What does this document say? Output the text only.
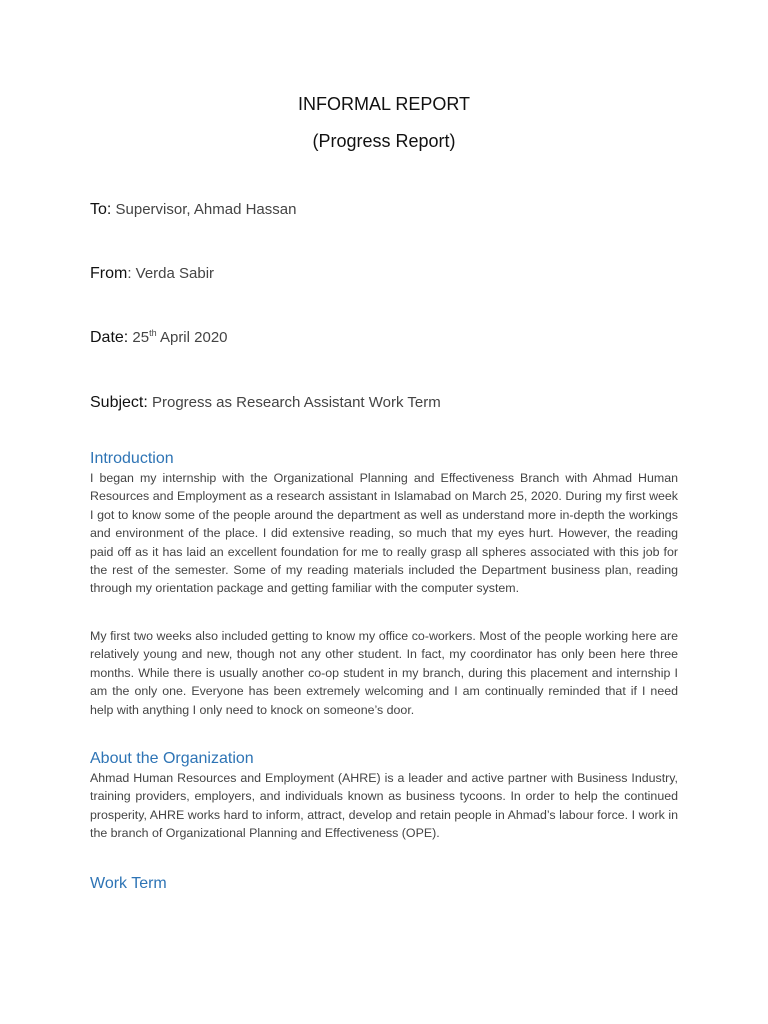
INFORMAL REPORT
(Progress Report)
To: Supervisor, Ahmad Hassan
From: Verda Sabir
Date: 25th April 2020
Subject: Progress as Research Assistant Work Term
Introduction

I began my internship with the Organizational Planning and Effectiveness Branch with Ahmad Human Resources and Employment as a research assistant in Islamabad on March 25, 2020. During my first week I got to know some of the people around the department as well as understand more in-depth the workings and environment of the place. I did extensive reading, so much that my eyes hurt. However, the reading paid off as it has laid an excellent foundation for me to really grasp all spheres associated with this job for the rest of the semester. Some of my reading materials included the Department business plan, reading through my orientation package and getting familiar with the computer system.

My first two weeks also included getting to know my office co-workers. Most of the people working here are relatively young and new, though not any other student. In fact, my coordinator has only been here three months. While there is usually another co-op student in my branch, during this placement and internship I am the only one. Everyone has been extremely welcoming and I am continually reminded that if I need help with anything I only need to knock on someone’s door.

About the Organization

Ahmad Human Resources and Employment (AHRE) is a leader and active partner with Business Industry, training providers, employers, and individuals known as business tycoons. In order to help the continued prosperity, AHRE works hard to inform, attract, develop and retain people in Ahmad’s labour force. I work in the branch of Organizational Planning and Effectiveness (OPE).

Work Term
